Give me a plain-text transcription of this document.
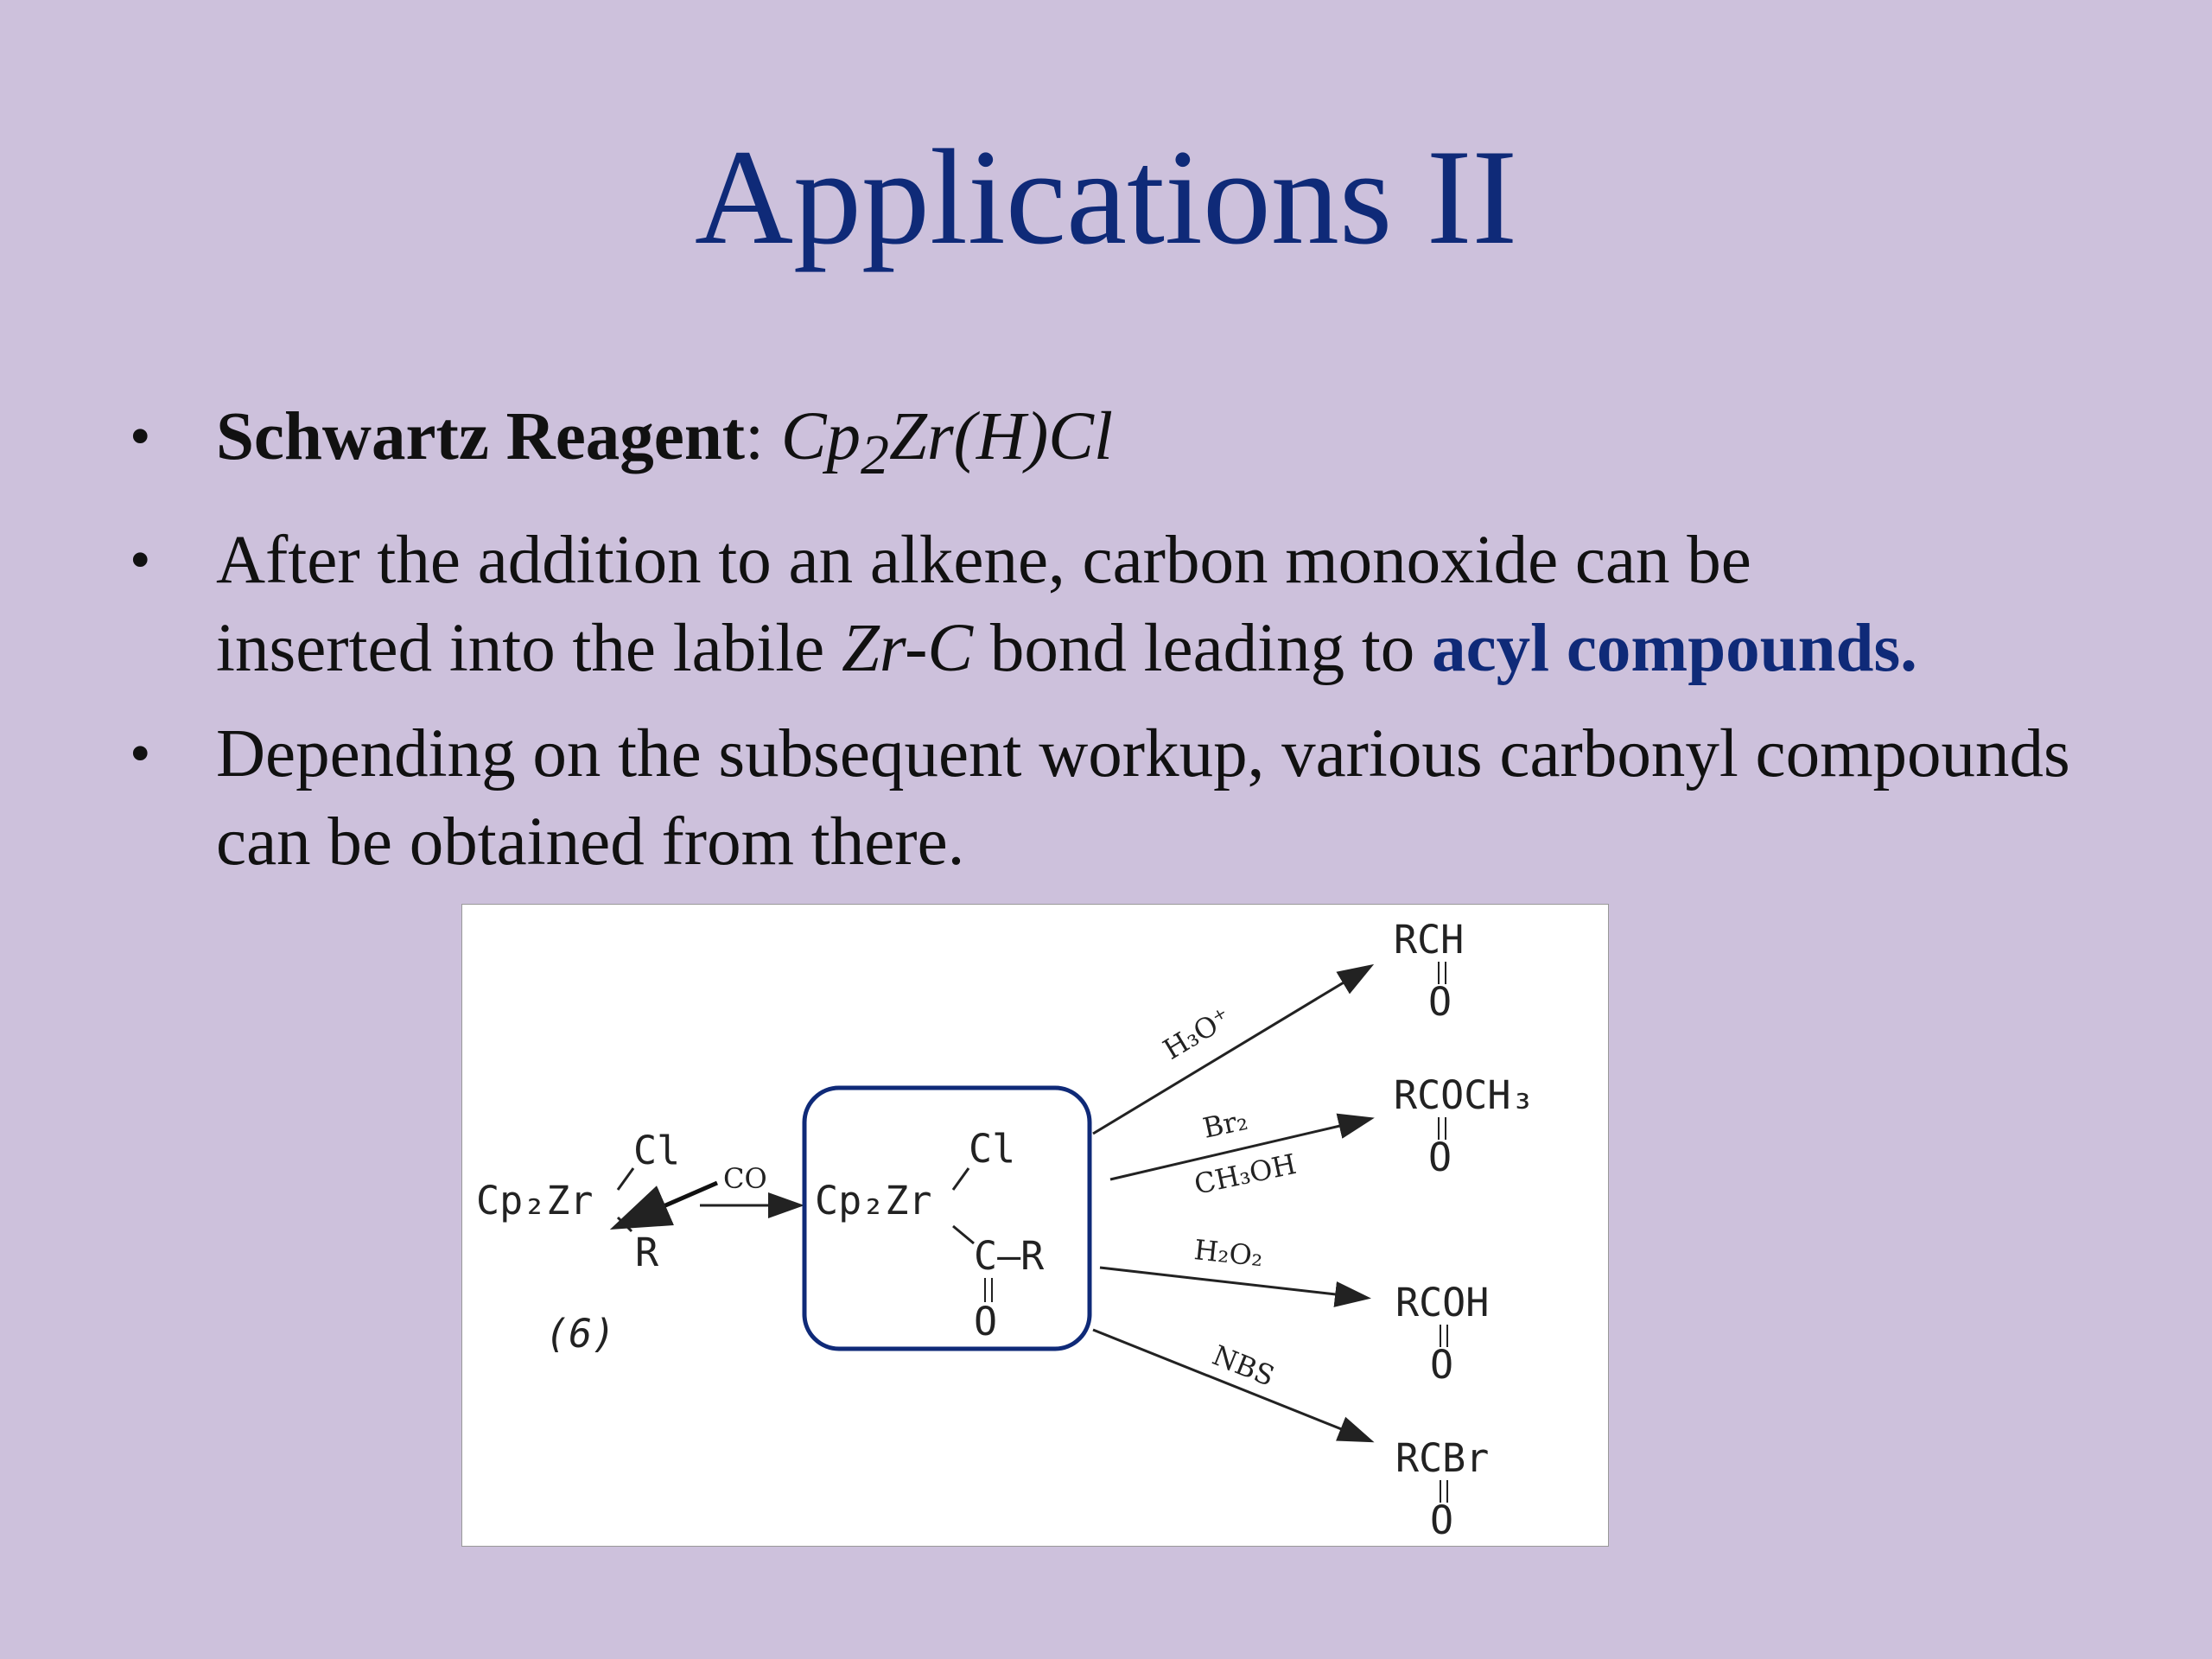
Applications II
• Schwartz Reagent: $Cp_2Zr(H)Cl$
• After the addition to an alkene, carbon monoxide can be
inserted into the labile Zr-C bond leading to acyl compounds.
• Depending on the subsequent workup, various carbonyl compounds can be obtained from there.
Cp₂Zr
Cl
R
(6)
CO Cp₂Zr
Cl
C–R
O
H₃O⁺
Br₂
CH₃OH
H₂O₂
NBS
RCH
O
RCOCH₃
O
RCOH
O
RCBr
O
